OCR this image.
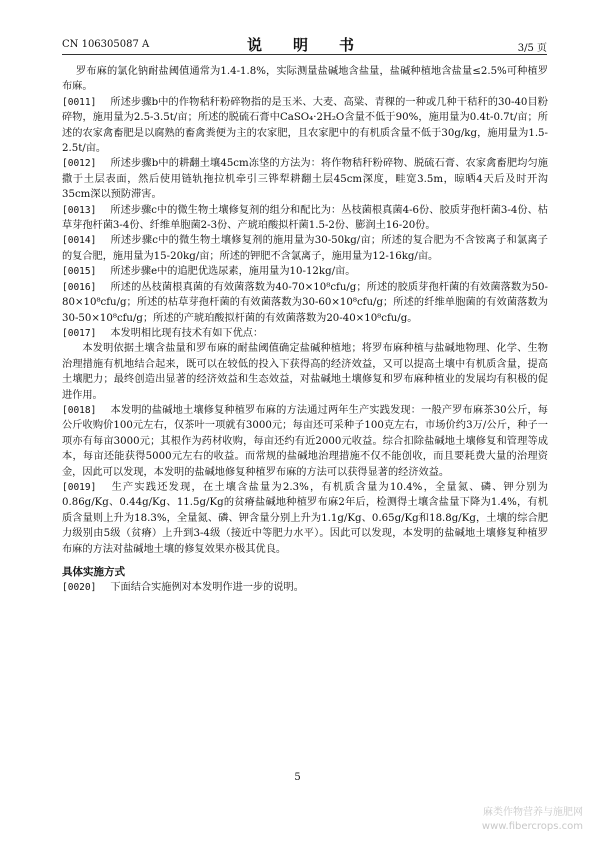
CN 106305087 A	说　明　书	3/5 页

罗布麻的氯化钠耐盐阈值通常为1.4-1.8%，实际测量盐碱地含盐量，盐碱种植地含盐量≤2.5%可种植罗布麻。

[0011] 所述步骤b中的作物秸秆粉碎物指的是玉米、大麦、高粱、青稞的一种或几种干秸秆的30-40目粉碎物，施用量为2.5-3.5t/亩；所述的脱硫石膏中CaSO₄·2H₂O含量不低于90%，施用量为0.4t-0.7t/亩；所述的农家禽畜肥是以腐熟的畜禽粪便为主的农家肥，且农家肥中的有机质含量不低于30g/kg，施用量为1.5-2.5t/亩。

[0012] 所述步骤b中的耕翻土壤45cm冻垡的方法为：将作物秸秆粉碎物、脱硫石膏、农家禽畜肥均匀施撒于土层表面，然后使用链轨拖拉机牵引三铧犁耕翻土层45cm深度，畦宽3.5m，晾晒4天后及时开沟35cm深以预防滞害。

[0013] 所述步骤c中的微生物土壤修复剂的组分和配比为：丛枝菌根真菌4-6份、胶质芽孢杆菌3-4份、枯草芽孢杆菌3-4份、纤维单胞菌2-3份、产琥珀酸拟杆菌1.5-2份、膨润土16-20份。

[0014] 所述步骤c中的微生物土壤修复剂的施用量为30-50kg/亩；所述的复合肥为不含铵离子和氯离子的复合肥，施用量为15-20kg/亩；所述的钾肥不含氯离子，施用量为12-16kg/亩。

[0015] 所述步骤e中的追肥优选尿素，施用量为10-12kg/亩。

[0016] 所述的丛枝菌根真菌的有效菌落数为40-70×10⁸cfu/g；所述的胶质芽孢杆菌的有效菌落数为50-80×10⁸cfu/g；所述的枯草芽孢杆菌的有效菌落数为30-60×10⁸cfu/g；所述的纤维单胞菌的有效菌落数为30-50×10⁸cfu/g；所述的产琥珀酸拟杆菌的有效菌落数为20-40×10⁸cfu/g。

[0017] 本发明相比现有技术有如下优点：

本发明依据土壤含盐量和罗布麻的耐盐阈值确定盐碱种植地；将罗布麻种植与盐碱地物理、化学、生物治理措施有机地结合起来，既可以在较低的投入下获得高的经济效益，又可以提高土壤中有机质含量，提高土壤肥力；最终创造出显著的经济效益和生态效益，对盐碱地土壤修复和罗布麻种植业的发展均有积极的促进作用。

[0018] 本发明的盐碱地土壤修复种植罗布麻的方法通过两年生产实践发现：一般产罗布麻茶30公斤，每公斤收购价100元左右，仅茶叶一项就有3000元；每亩还可采种子100克左右，市场价约3万/公斤，种子一项亦有每亩3000元；其根作为药材收购，每亩还约有近2000元收益。综合扣除盐碱地土壤修复和管理等成本，每亩还能获得5000元左右的收益。而常规的盐碱地治理措施不仅不能创收，而且要耗费大量的治理资金，因此可以发现，本发明的盐碱地修复种植罗布麻的方法可以获得显著的经济效益。

[0019] 生产实践还发现，在土壤含盐量为2.3%，有机质含量为10.4%，全量氮、磷、钾分别为0.86g/Kg、0.44g/Kg、11.5g/Kg的贫瘠盐碱地种植罗布麻2年后，检测得土壤含盐量下降为1.4%，有机质含量则上升为18.3%，全量氮、磷、钾含量分别上升为1.1g/Kg、0.65g/Kg和18.8g/Kg，土壤的综合肥力级别由5级（贫瘠）上升到3-4级（接近中等肥力水平）。因此可以发现，本发明的盐碱地土壤修复种植罗布麻的方法对盐碱地土壤的修复效果亦极其优良。

具体实施方式

[0020] 下面结合实施例对本发明作进一步的说明。

5
麻类作物营养与施肥网
www.fibercrops.com
